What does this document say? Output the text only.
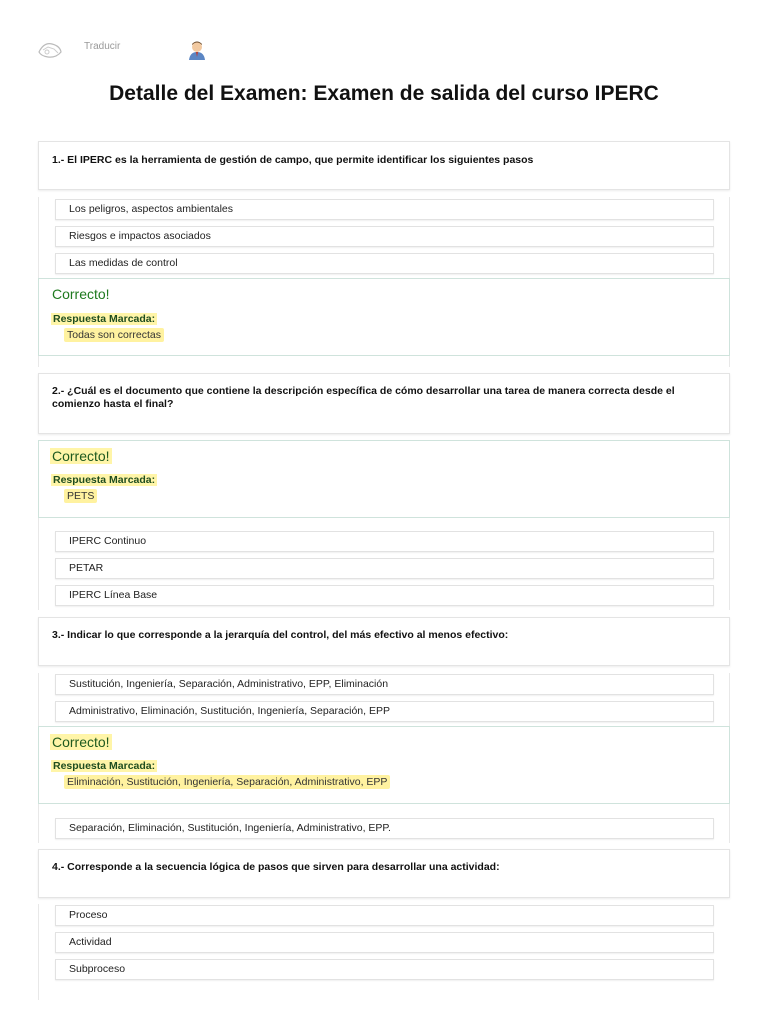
Traducir
Detalle del Examen: Examen de salida del curso IPERC
1.- El IPERC es la herramienta de gestión de campo, que permite identificar los siguientes pasos
Los peligros, aspectos ambientales
Riesgos e impactos asociados
Las medidas de control
Correcto!
Respuesta Marcada:
Todas son correctas
2.- ¿Cuál es el documento que contiene la descripción específica de cómo desarrollar una tarea de manera correcta desde el comienzo hasta el final?
Correcto!
Respuesta Marcada:
PETS
IPERC Continuo
PETAR
IPERC Línea Base
3.- Indicar lo que corresponde a la jerarquía del control, del más efectivo al menos efectivo:
Sustitución, Ingeniería, Separación, Administrativo, EPP, Eliminación
Administrativo, Eliminación, Sustitución, Ingeniería, Separación, EPP
Correcto!
Respuesta Marcada:
Eliminación, Sustitución, Ingeniería, Separación, Administrativo, EPP
Separación, Eliminación, Sustitución, Ingeniería, Administrativo, EPP.
4.- Corresponde a la secuencia lógica de pasos que sirven para desarrollar una actividad:
Proceso
Actividad
Subproceso
